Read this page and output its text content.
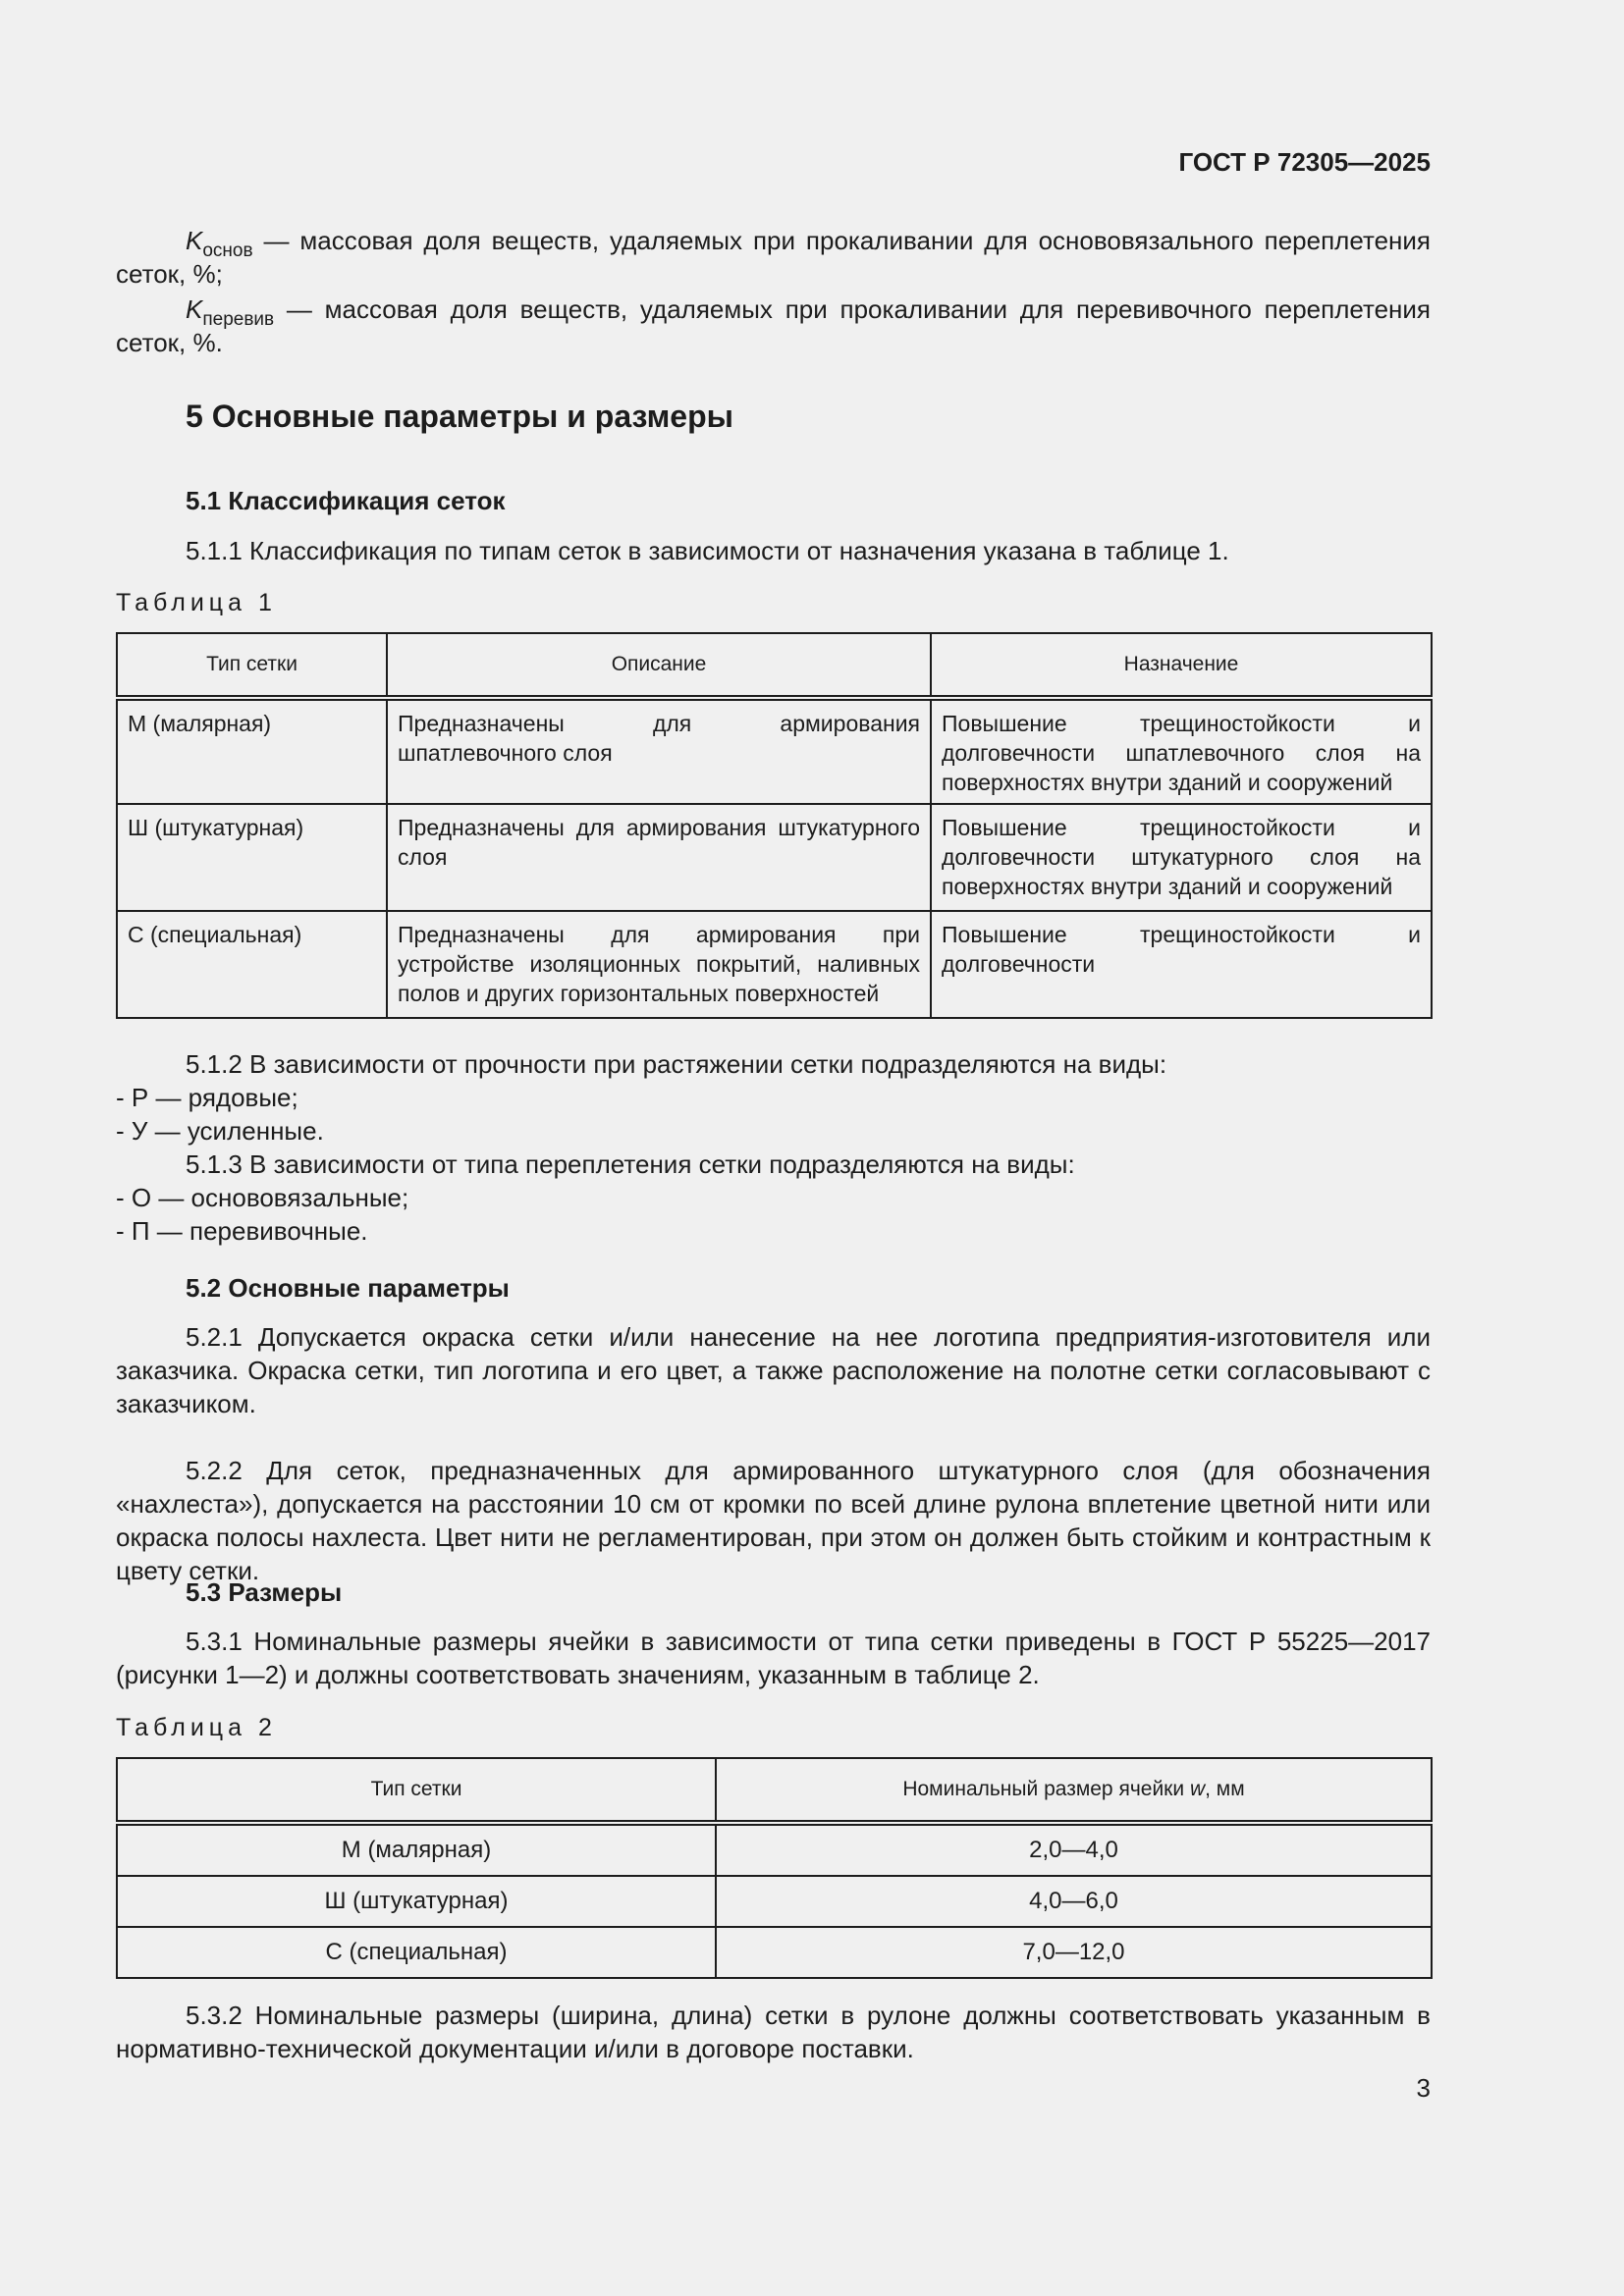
ГОСТ Р 72305—2025
$K_{основ}$ — массовая доля веществ, удаляемых при прокаливании для основовязального переплетения сеток, %;
$K_{перевив}$ — массовая доля веществ, удаляемых при прокаливании для перевивочного переплетения сеток, %.
5 Основные параметры и размеры
5.1 Классификация сеток
5.1.1 Классификация по типам сеток в зависимости от назначения указана в таблице 1.
Таблица 1
Тип сетки	Описание	Назначение
М (малярная)	Предназначены для армирования шпатлевочного слоя	Повышение трещиностойкости и долговечности шпатлевочного слоя на поверхностях внутри зданий и сооружений
Ш (штукатурная)	Предназначены для армирования штукатурного слоя	Повышение трещиностойкости и долговечности штукатурного слоя на поверхностях внутри зданий и сооружений
С (специальная)	Предназначены для армирования при устройстве изоляционных покрытий, наливных полов и других горизонтальных поверхностей	Повышение трещиностойкости и долговечности
5.1.2 В зависимости от прочности при растяжении сетки подразделяются на виды:
- Р — рядовые;
- У — усиленные.
5.1.3 В зависимости от типа переплетения сетки подразделяются на виды:
- О — основовязальные;
- П — перевивочные.
5.2 Основные параметры
5.2.1 Допускается окраска сетки и/или нанесение на нее логотипа предприятия-изготовителя или заказчика. Окраска сетки, тип логотипа и его цвет, а также расположение на полотне сетки согласовывают с заказчиком.
5.2.2 Для сеток, предназначенных для армированного штукатурного слоя (для обозначения «нахлеста»), допускается на расстоянии 10 см от кромки по всей длине рулона вплетение цветной нити или окраска полосы нахлеста. Цвет нити не регламентирован, при этом он должен быть стойким и контрастным к цвету сетки.
5.3 Размеры
5.3.1 Номинальные размеры ячейки в зависимости от типа сетки приведены в ГОСТ Р 55225—2017 (рисунки 1—2) и должны соответствовать значениям, указанным в таблице 2.
Таблица 2
Тип сетки	Номинальный размер ячейки w, мм
М (малярная)	2,0—4,0
Ш (штукатурная)	4,0—6,0
С (специальная)	7,0—12,0
5.3.2 Номинальные размеры (ширина, длина) сетки в рулоне должны соответствовать указанным в нормативно-технической документации и/или в договоре поставки.
3
